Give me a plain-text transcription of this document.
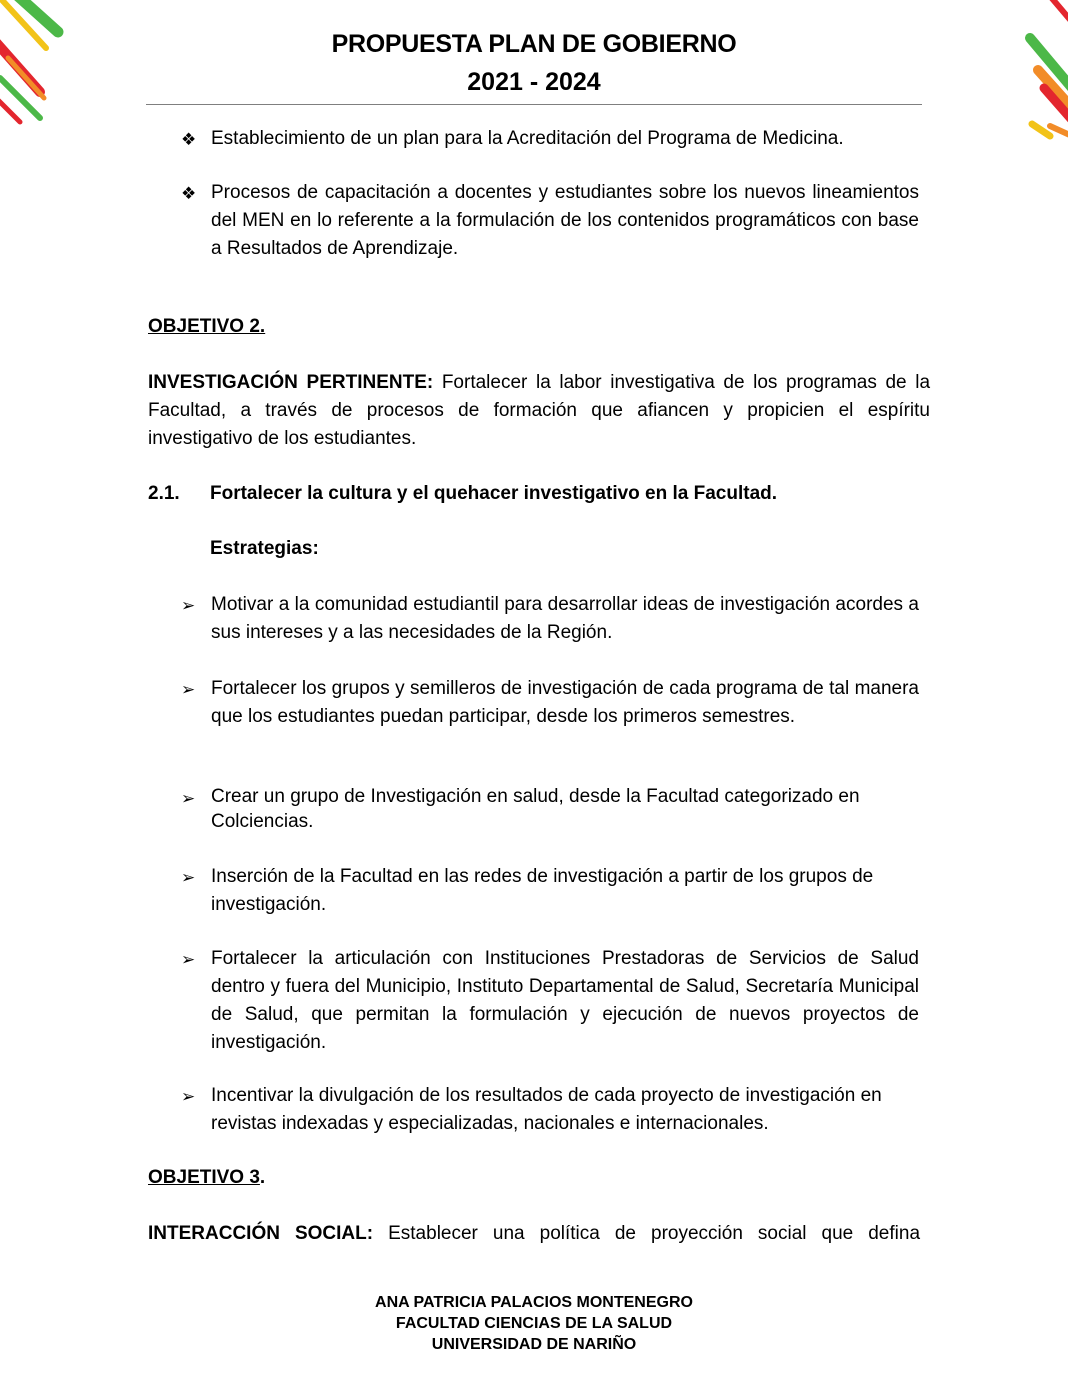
PROPUESTA PLAN DE GOBIERNO
2021 - 2024
❖ Establecimiento de un plan para la Acreditación del Programa de Medicina.
❖ Procesos de capacitación a docentes y estudiantes sobre los nuevos lineamientos del MEN en lo referente a la formulación de los contenidos programáticos con base a Resultados de Aprendizaje.
OBJETIVO 2.
INVESTIGACIÓN PERTINENTE: Fortalecer la labor investigativa de los programas de la Facultad, a través de procesos de formación que afiancen y propicien el espíritu investigativo de los estudiantes.
2.1. Fortalecer la cultura y el quehacer investigativo en la Facultad.
Estrategias:
➢ Motivar a la comunidad estudiantil para desarrollar ideas de investigación acordes a sus intereses y a las necesidades de la Región.
➢ Fortalecer los grupos y semilleros de investigación de cada programa de tal manera que los estudiantes puedan participar, desde los primeros semestres.
➢ Crear un grupo de Investigación en salud, desde la Facultad categorizado en Colciencias.
➢ Inserción de la Facultad en las redes de investigación a partir de los grupos de investigación.
➢ Fortalecer la articulación con Instituciones Prestadoras de Servicios de Salud dentro y fuera del Municipio, Instituto Departamental de Salud, Secretaría Municipal de Salud, que permitan la formulación y ejecución de nuevos proyectos de investigación.
➢ Incentivar la divulgación de los resultados de cada proyecto de investigación en revistas indexadas y especializadas, nacionales e internacionales.
OBJETIVO 3.
INTERACCIÓN SOCIAL: Establecer una política de proyección social que defina
ANA PATRICIA PALACIOS MONTENEGRO
FACULTAD CIENCIAS DE LA SALUD
UNIVERSIDAD DE NARIÑO
